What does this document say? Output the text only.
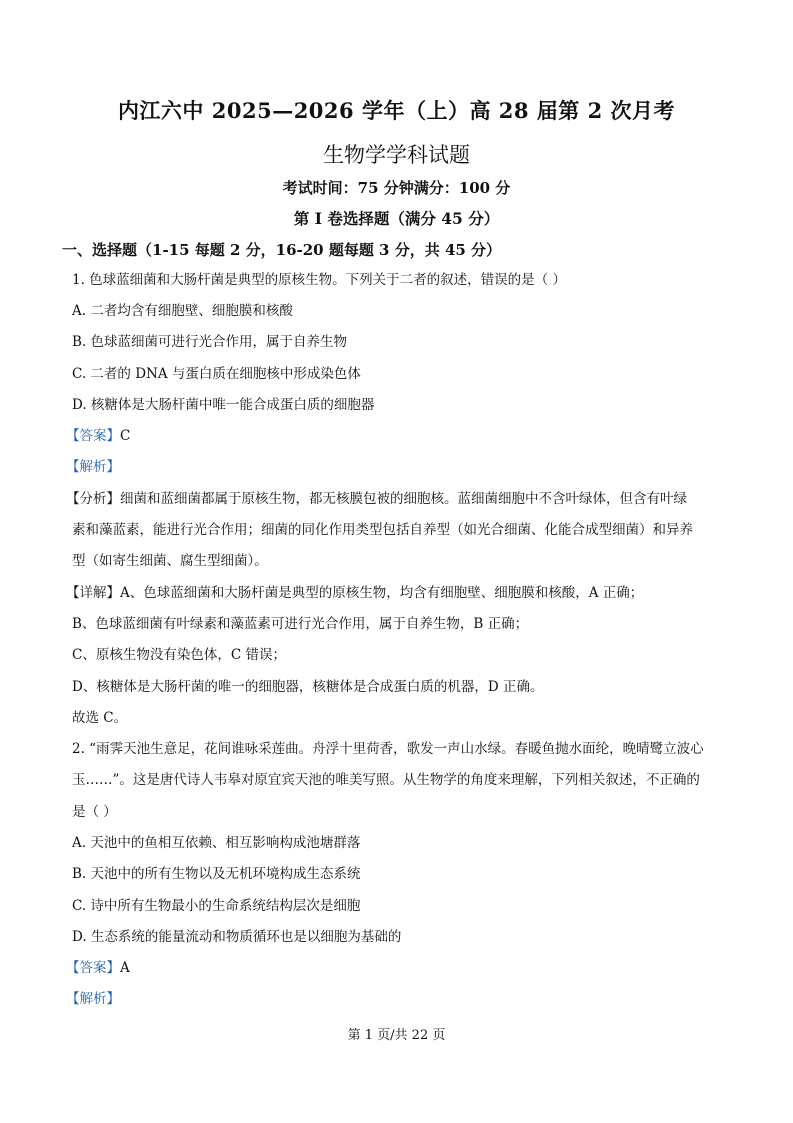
内江六中 2025—2026 学年（上）高 28 届第 2 次月考
生物学学科试题
考试时间：75 分钟满分：100 分
第 I 卷选择题（满分 45 分）
一、选择题（1-15 每题 2 分，16-20 题每题 3 分，共 45 分）
1. 色球蓝细菌和大肠杆菌是典型的原核生物。下列关于二者的叙述，错误的是（ ）
A. 二者均含有细胞壁、细胞膜和核酸
B. 色球蓝细菌可进行光合作用，属于自养生物
C. 二者的 DNA 与蛋白质在细胞核中形成染色体
D. 核糖体是大肠杆菌中唯一能合成蛋白质的细胞器
【答案】C
【解析】
【分析】细菌和蓝细菌都属于原核生物，都无核膜包被的细胞核。蓝细菌细胞中不含叶绿体，但含有叶绿
素和藻蓝素，能进行光合作用；细菌的同化作用类型包括自养型（如光合细菌、化能合成型细菌）和异养
型（如寄生细菌、腐生型细菌）。
【详解】A、色球蓝细菌和大肠杆菌是典型的原核生物，均含有细胞壁、细胞膜和核酸，A 正确；
B、色球蓝细菌有叶绿素和藻蓝素可进行光合作用，属于自养生物，B 正确；
C、原核生物没有染色体，C 错误；
D、核糖体是大肠杆菌的唯一的细胞器，核糖体是合成蛋白质的机器，D 正确。
故选 C。
2. “雨霁天池生意足，花间谁咏采莲曲。舟浮十里荷香，歌发一声山水绿。春暖鱼抛水面纶，晚晴鹭立波心
玉……”。这是唐代诗人韦皋对原宜宾天池的唯美写照。从生物学的角度来理解，下列相关叙述，不正确的
是（ ）
A. 天池中的鱼相互依赖、相互影响构成池塘群落
B. 天池中的所有生物以及无机环境构成生态系统
C. 诗中所有生物最小的生命系统结构层次是细胞
D. 生态系统的能量流动和物质循环也是以细胞为基础的
【答案】A
【解析】
第 1 页/共 22 页
